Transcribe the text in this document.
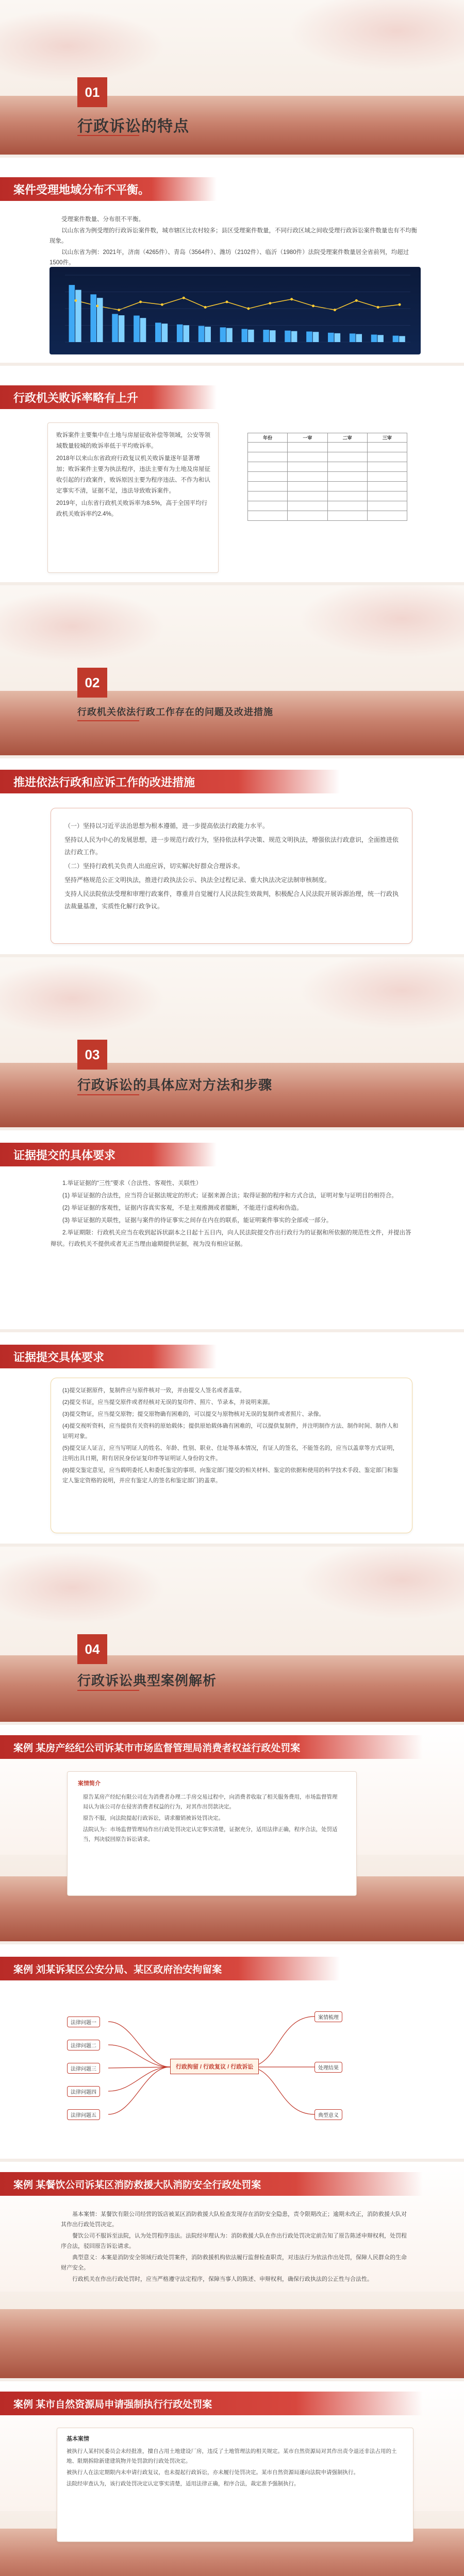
01
行政诉讼的特点
案件受理地域分布不平衡。

受理案件数量、分布很不平衡。

以山东省为例受理的行政诉讼案件数，城市辖区比农村较多；县区受理案件数量，不同行政区域之间收受理行政诉讼案件数量也有不均衡现象。

以山东省为例：2021年，济南（4265件）、青岛（3564件）、潍坊（2102件）、临沂（1980件）法院受理案件数量居全省前列，均超过1500件。

行政机关败诉率略有上升

败诉案件主要集中在土地与房屋征收补偿等领域，公安等领域数量较城的败诉率低于平均败诉率。

2018年以来山东省政府行政复议机关败诉量逐年显著增加；败诉案件主要为执法程序，违法主要有为土地及房屋征收引起的行政案件，败诉原因主要为程序违法、不作为和认定事实不清，证据不足，违法导致败诉案件。

2019年，山东省行政机关败诉率为8.5%，高于全国平均行政机关败诉率约2.4%。

年份	一审	二审	三审

02
行政机关依法行政工作存在的问题及改进措施
推进依法行政和应诉工作的改进措施

（一）坚持以习近平法治思想为根本遵循，进一步提高依法行政能力水平。

坚持以人民为中心的发展思想，进一步规范行政行为，坚持依法科学决策、规范文明执法，增强依法行政意识，全面推进依法行政工作。

（二）坚持行政机关负责人出庭应诉，切实解决好群众合理诉求。

坚持严格规范公正文明执法，推进行政执法公示、执法全过程记录、重大执法决定法制审核制度。

支持人民法院依法受理和审理行政案件，尊重并自觉履行人民法院生效裁判，积极配合人民法院开展诉源治理，统一行政执法裁量基准，实质性化解行政争议。

03
行政诉讼的具体应对方法和步骤
证据提交的具体要求

1.举证证据的“三性”要求（合法性、客观性、关联性）

(1) 举证证据的合法性，应当符合证据法规定的形式；证据来源合法；取得证据的程序和方式合法，证明对象与证明目的相符合。

(2) 举证证据的客观性，证据内容真实客观，不是主观推测或者臆断，不能进行虚构和伪造。

(3) 举证证据的关联性，证据与案件的待证事实之间存在内在的联系，能证明案件事实的全部或一部分。

2.举证期限：行政机关应当在收到起诉状副本之日起十五日内，向人民法院提交作出行政行为的证据和所依据的规范性文件，并提出答辩状。行政机关不提供或者无正当理由逾期提供证据，视为没有相应证据。

证据提交具体要求

(1)提交证据原件，复制件应与原件核对一致，并由提交人签名或者盖章。

(2)提交书证，应当提交原件或者经核对无误的复印件、照片、节录本，并说明来源。

(3)提交物证，应当提交原物；提交原物确有困难的，可以提交与原物核对无误的复制件或者照片、录像。

(4)提交视听资料，应当提供有关资料的原始载体；提供原始载体确有困难的，可以提供复制件，并注明制作方法、制作时间、制作人和证明对象。

(5)提交证人证言，应当写明证人的姓名、年龄、性别、职业、住址等基本情况，有证人的签名，不能签名的，应当以盖章等方式证明，注明出具日期，附有居民身份证复印件等证明证人身份的文件。

(6)提交鉴定意见，应当载明委托人和委托鉴定的事项、向鉴定部门提交的相关材料、鉴定的依据和使用的科学技术手段、鉴定部门和鉴定人鉴定资格的说明，并应有鉴定人的签名和鉴定部门的盖章。

04
行政诉讼典型案例解析
案例 某房产经纪公司诉某市市场监督管理局消费者权益行政处罚案
案情简介

原告某房产经纪有限公司在为消费者办理二手房交易过程中，向消费者收取了相关服务费用，市场监督管理局认为该公司存在侵害消费者权益的行为，对其作出罚款决定。

原告不服，向法院提起行政诉讼，请求撤销被诉处罚决定。

法院认为：市场监督管理局作出行政处罚决定认定事实清楚，证据充分，适用法律正确，程序合法，处罚适当，判决驳回原告诉讼请求。

案例 刘某诉某区公安分局、某区政府治安拘留案
行政拘留 / 行政复议 / 行政诉讼
法律问题一
法律问题二
法律问题三
法律问题四
法律问题五
案情梳理
处理结果
典型意义
案例 某餐饮公司诉某区消防救援大队消防安全行政处罚案

基本案情：某餐饮有限公司经营的饭店被某区消防救援大队检查发现存在消防安全隐患，责令限期改正；逾期未改正，消防救援大队对其作出行政处罚决定。

餐饮公司不服诉至法院，认为处罚程序违法。法院经审理认为：消防救援大队在作出行政处罚决定前告知了原告陈述申辩权利，处罚程序合法，驳回原告诉讼请求。

典型意义：本案是消防安全领域行政处罚案件，消防救援机构依法履行监督检查职责，对违法行为依法作出处罚，保障人民群众的生命财产安全。

行政机关在作出行政处罚时，应当严格遵守法定程序，保障当事人的陈述、申辩权利，确保行政执法的公正性与合法性。

案例 某市自然资源局申请强制执行行政处罚案
基本案情

被执行人某村民委员会未经批准，擅自占用土地建设厂房，违反了土地管理法的相关规定。某市自然资源局对其作出责令退还非法占用的土地、限期拆除新建建筑物并处罚款的行政处罚决定。

被执行人在法定期限内未申请行政复议，也未提起行政诉讼，亦未履行处罚决定。某市自然资源局遂向法院申请强制执行。

法院经审查认为，该行政处罚决定认定事实清楚，适用法律正确，程序合法，裁定准予强制执行。
